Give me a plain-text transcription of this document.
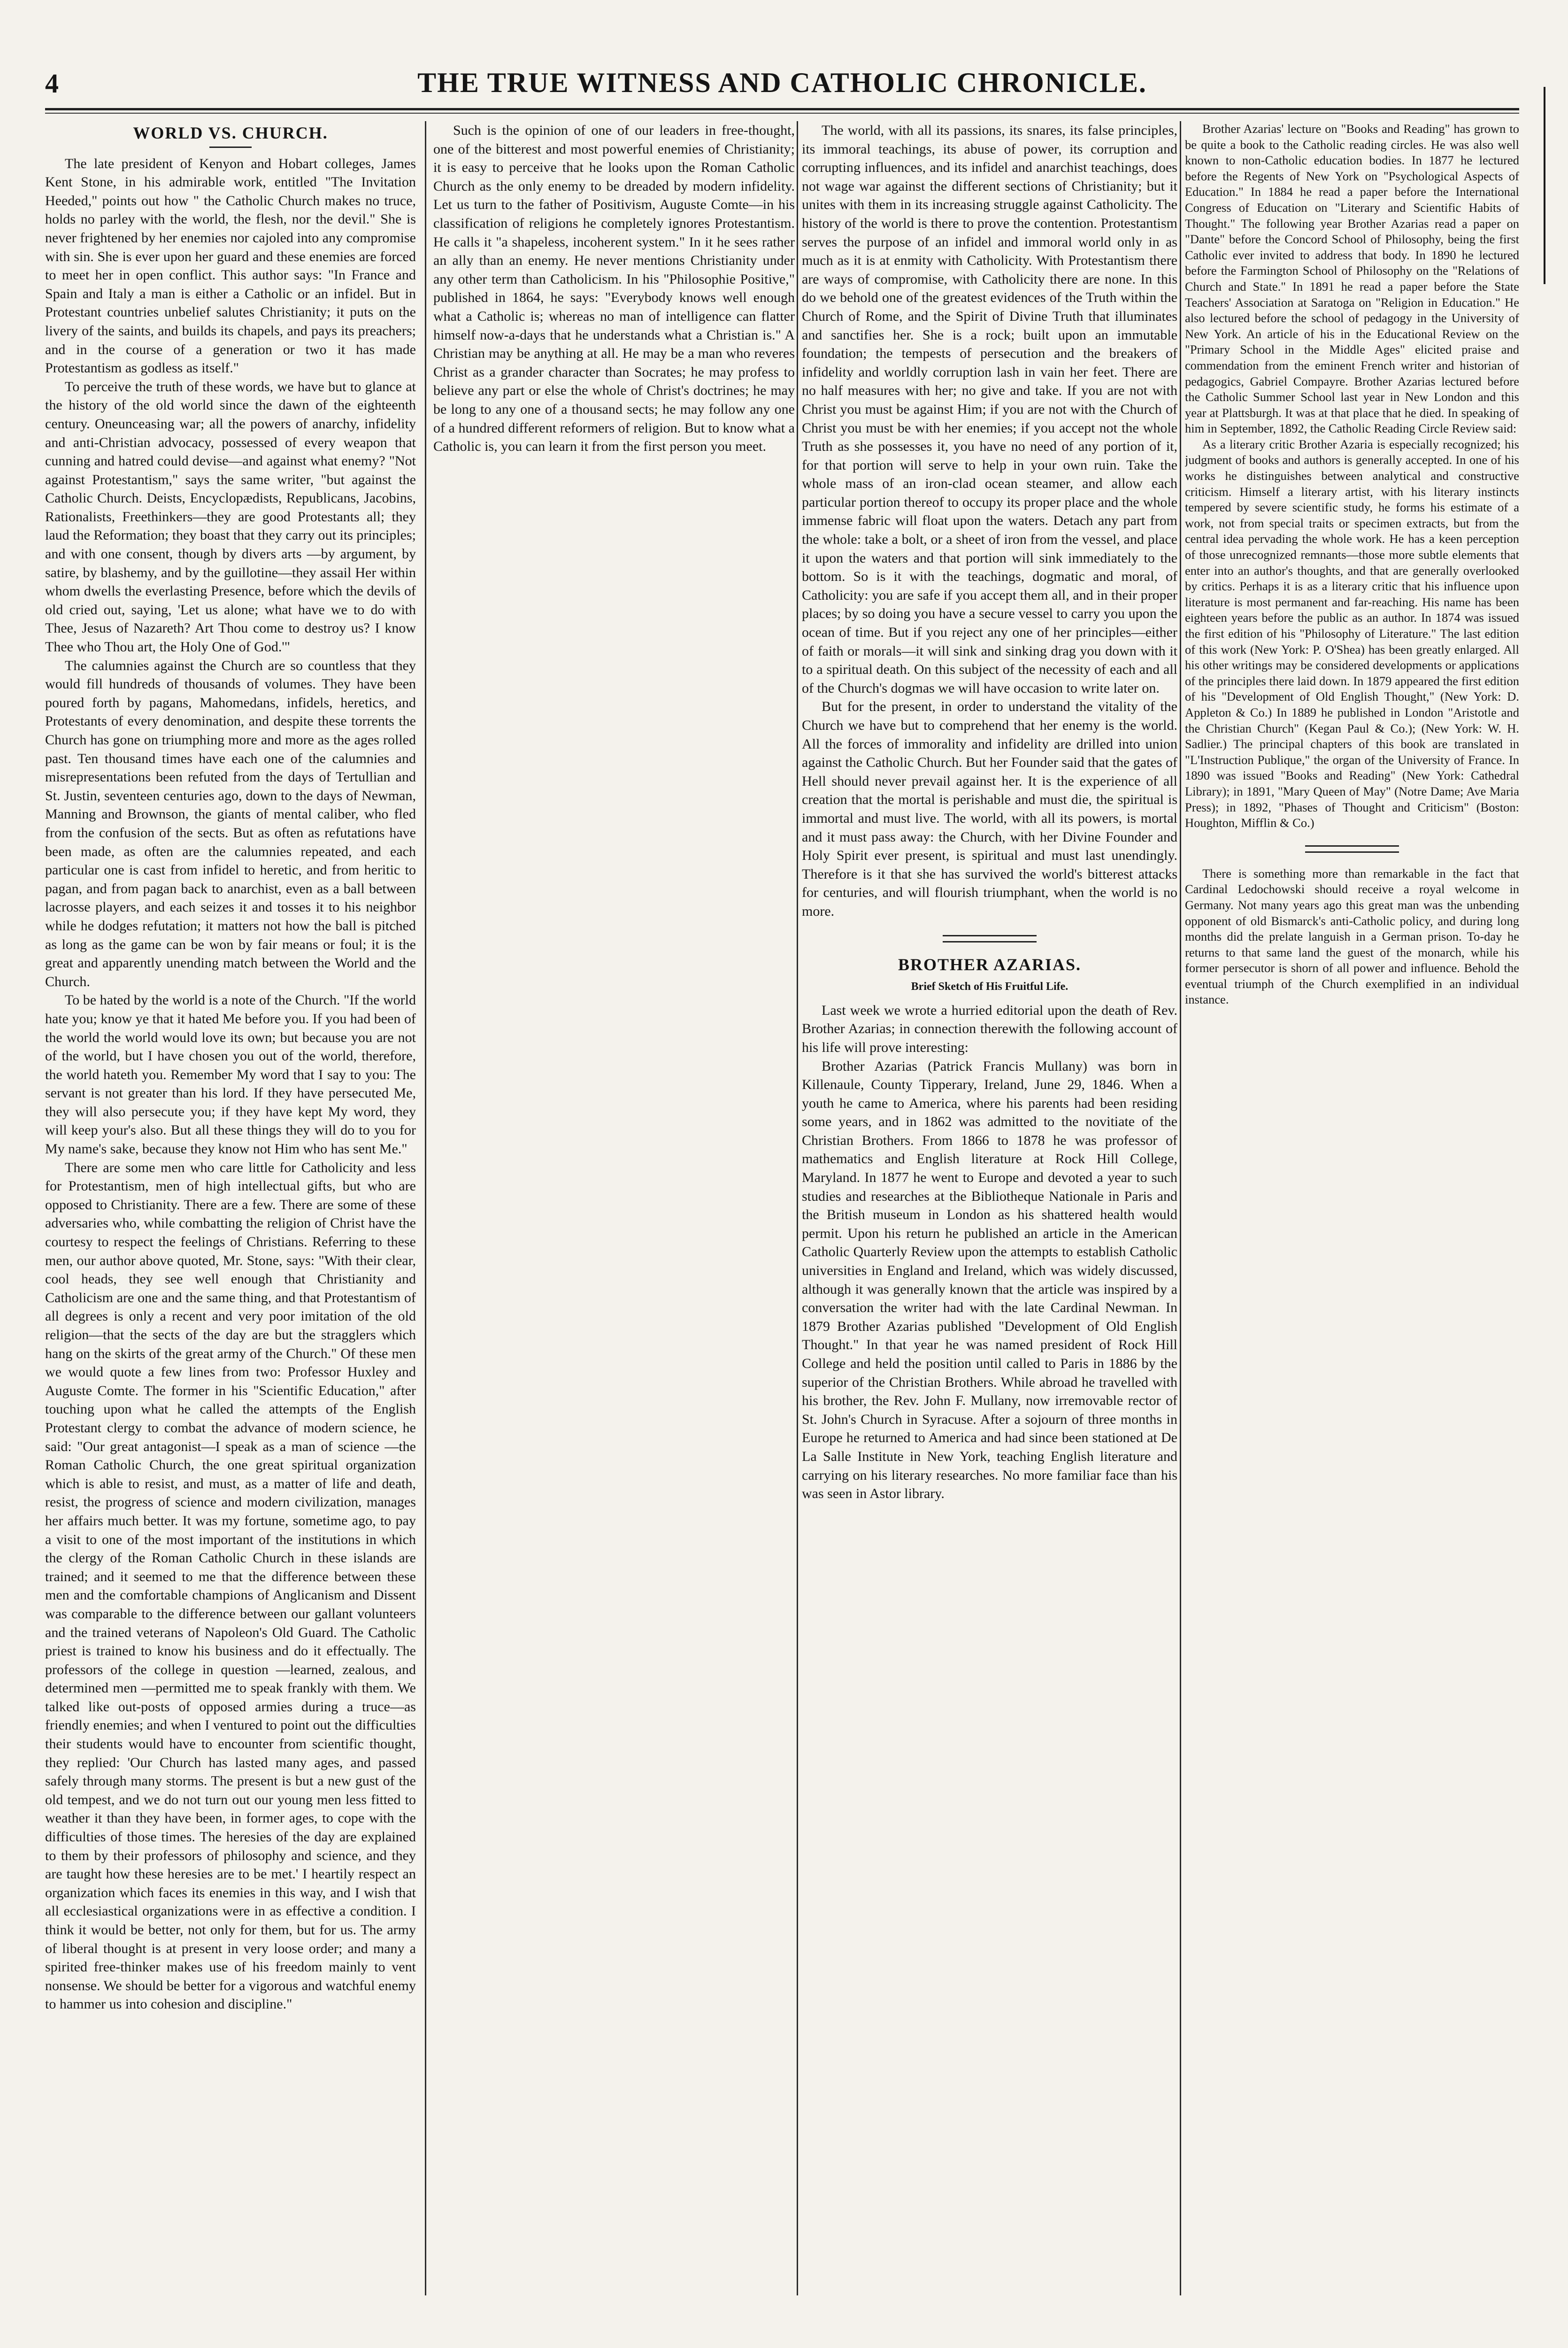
4	THE TRUE WITNESS AND CATHOLIC CHRONICLE.
WORLD VS. CHURCH.

The late president of Kenyon and Hobart colleges, James Kent Stone, in his admirable work, entitled "The Invitation Heeded," points out how " the Catholic Church makes no truce, holds no parley with the world, the flesh, nor the devil." She is never frightened by her enemies nor cajoled into any compromise with sin. She is ever upon her guard and these enemies are forced to meet her in open conflict. This author says: "In France and Spain and Italy a man is either a Catholic or an infidel. But in Protestant countries unbelief salutes Christianity; it puts on the livery of the saints, and builds its chapels, and pays its preachers; and in the course of a generation or two it has made Protestantism as godless as itself."

To perceive the truth of these words, we have but to glance at the history of the old world since the dawn of the eighteenth century. Oneunceasing war; all the powers of anarchy, infidelity and anti-Christian advocacy, possessed of every weapon that cunning and hatred could devise—and against what enemy? "Not against Protestantism," says the same writer, "but against the Catholic Church. Deists, Encyclopædists, Republicans, Jacobins, Rationalists, Freethinkers—they are good Protestants all; they laud the Reformation; they boast that they carry out its principles; and with one consent, though by divers arts —by argument, by satire, by blashemy, and by the guillotine—they assail Her within whom dwells the everlasting Presence, before which the devils of old cried out, saying, 'Let us alone; what have we to do with Thee, Jesus of Nazareth? Art Thou come to destroy us? I know Thee who Thou art, the Holy One of God.'"

The calumnies against the Church are so countless that they would fill hundreds of thousands of volumes. They have been poured forth by pagans, Mahomedans, infidels, heretics, and Protestants of every denomination, and despite these torrents the Church has gone on triumphing more and more as the ages rolled past. Ten thousand times have each one of the calumnies and misrepresentations been refuted from the days of Tertullian and St. Justin, seventeen centuries ago, down to the days of Newman, Manning and Brownson, the giants of mental caliber, who fled from the confusion of the sects. But as often as refutations have been made, as often are the calumnies repeated, and each particular one is cast from infidel to heretic, and from heritic to pagan, and from pagan back to anarchist, even as a ball between lacrosse players, and each seizes it and tosses it to his neighbor while he dodges refutation; it matters not how the ball is pitched as long as the game can be won by fair means or foul; it is the great and apparently unending match between the World and the Church.

To be hated by the world is a note of the Church. "If the world hate you; know ye that it hated Me before you. If you had been of the world the world would love its own; but because you are not of the world, but I have chosen you out of the world, therefore, the world hateth you. Remember My word that I say to you: The servant is not greater than his lord. If they have persecuted Me, they will also persecute you; if they have kept My word, they will keep your's also. But all these things they will do to you for My name's sake, because they know not Him who has sent Me."

There are some men who care little for Catholicity and less for Protestantism, men of high intellectual gifts, but who are opposed to Christianity. There are a few. There are some of these adversaries who, while combatting the religion of Christ have the courtesy to respect the feelings of Christians. Referring to these men, our author above quoted, Mr. Stone, says: "With their clear, cool heads, they see well enough that Christianity and Catholicism are one and the same thing, and that Protestantism of all degrees is only a recent and very poor imitation of the old religion—that the sects of the day are but the stragglers which hang on the skirts of the great army of the Church." Of these men we would quote a few lines from two: Professor Huxley and Auguste Comte. The former in his "Scientific Education," after touching upon what he called the attempts of the English Protestant clergy to combat the advance of modern science, he said: "Our great antagonist—I speak as a man of science —the Roman Catholic Church, the one great spiritual organization which is able to resist, and must, as a matter of life and death, resist, the progress of science and modern civilization, manages her affairs much better. It was my fortune, sometime ago, to pay a visit to one of the most important of the institutions in which the clergy of the Roman Catholic Church in these islands are trained; and it seemed to me that the difference between these men and the comfortable champions of Anglicanism and Dissent was comparable to the difference between our gallant volunteers and the trained veterans of Napoleon's Old Guard. The Catholic priest is trained to know his business and do it effectually. The professors of the college in question —learned, zealous, and determined men —permitted me to speak frankly with them. We talked like out-posts of opposed armies during a truce—as friendly enemies; and when I ventured to point out the difficulties their students would have to encounter from scientific thought, they replied: 'Our Church has lasted many ages, and passed safely through many storms. The present is but a new gust of the old tempest, and we do not turn out our young men less fitted to weather it than they have been, in former ages, to cope with the difficulties of those times. The heresies of the day are explained to them by their professors of philosophy and science, and they are taught how these heresies are to be met.' I heartily respect an organization which faces its enemies in this way, and I wish that all ecclesiastical organizations were in as effective a condition. I think it would be better, not only for them, but for us. The army of liberal thought is at present in very loose order; and many a spirited free-thinker makes use of his freedom mainly to vent nonsense. We should be better for a vigorous and watchful enemy to hammer us into cohesion and discipline."

Such is the opinion of one of our leaders in free-thought, one of the bitterest and most powerful enemies of Christianity; it is easy to perceive that he looks upon the Roman Catholic Church as the only enemy to be dreaded by modern infidelity. Let us turn to the father of Positivism, Auguste Comte—in his classification of religions he completely ignores Protestantism. He calls it "a shapeless, incoherent system." In it he sees rather an ally than an enemy. He never mentions Christianity under any other term than Catholicism. In his "Philosophie Positive," published in 1864, he says: "Everybody knows well enough what a Catholic is; whereas no man of intelligence can flatter himself now-a-days that he understands what a Christian is." A Christian may be anything at all. He may be a man who reveres Christ as a grander character than Socrates; he may profess to believe any part or else the whole of Christ's doctrines; he may be long to any one of a thousand sects; he may follow any one of a hundred different reformers of religion. But to know what a Catholic is, you can learn it from the first person you meet.

The world, with all its passions, its snares, its false principles, its immoral teachings, its abuse of power, its corruption and corrupting influences, and its infidel and anarchist teachings, does not wage war against the different sections of Christianity; but it unites with them in its increasing struggle against Catholicity. The history of the world is there to prove the contention. Protestantism serves the purpose of an infidel and immoral world only in as much as it is at enmity with Catholicity. With Protestantism there are ways of compromise, with Catholicity there are none. In this do we behold one of the greatest evidences of the Truth within the Church of Rome, and the Spirit of Divine Truth that illuminates and sanctifies her. She is a rock; built upon an immutable foundation; the tempests of persecution and the breakers of infidelity and worldly corruption lash in vain her feet. There are no half measures with her; no give and take. If you are not with Christ you must be against Him; if you are not with the Church of Christ you must be with her enemies; if you accept not the whole Truth as she possesses it, you have no need of any portion of it, for that portion will serve to help in your own ruin. Take the whole mass of an iron-clad ocean steamer, and allow each particular portion thereof to occupy its proper place and the whole immense fabric will float upon the waters. Detach any part from the whole: take a bolt, or a sheet of iron from the vessel, and place it upon the waters and that portion will sink immediately to the bottom. So is it with the teachings, dogmatic and moral, of Catholicity: you are safe if you accept them all, and in their proper places; by so doing you have a secure vessel to carry you upon the ocean of time. But if you reject any one of her principles—either of faith or morals—it will sink and sinking drag you down with it to a spiritual death. On this subject of the necessity of each and all of the Church's dogmas we will have occasion to write later on.

But for the present, in order to understand the vitality of the Church we have but to comprehend that her enemy is the world. All the forces of immorality and infidelity are drilled into union against the Catholic Church. But her Founder said that the gates of Hell should never prevail against her. It is the experience of all creation that the mortal is perishable and must die, the spiritual is immortal and must live. The world, with all its powers, is mortal and it must pass away: the Church, with her Divine Founder and Holy Spirit ever present, is spiritual and must last unendingly. Therefore is it that she has survived the world's bitterest attacks for centuries, and will flourish triumphant, when the world is no more.

BROTHER AZARIAS.
Brief Sketch of His Fruitful Life.

Last week we wrote a hurried editorial upon the death of Rev. Brother Azarias; in connection therewith the following account of his life will prove interesting:

Brother Azarias (Patrick Francis Mullany) was born in Killenaule, County Tipperary, Ireland, June 29, 1846. When a youth he came to America, where his parents had been residing some years, and in 1862 was admitted to the novitiate of the Christian Brothers. From 1866 to 1878 he was professor of mathematics and English literature at Rock Hill College, Maryland. In 1877 he went to Europe and devoted a year to such studies and researches at the Bibliotheque Nationale in Paris and the British museum in London as his shattered health would permit. Upon his return he published an article in the American Catholic Quarterly Review upon the attempts to establish Catholic universities in England and Ireland, which was widely discussed, although it was generally known that the article was inspired by a conversation the writer had with the late Cardinal Newman. In 1879 Brother Azarias published "Development of Old English Thought." In that year he was named president of Rock Hill College and held the position until called to Paris in 1886 by the superior of the Christian Brothers. While abroad he travelled with his brother, the Rev. John F. Mullany, now irremovable rector of St. John's Church in Syracuse. After a sojourn of three months in Europe he returned to America and had since been stationed at De La Salle Institute in New York, teaching English literature and carrying on his literary researches. No more familiar face than his was seen in Astor library.

Brother Azarias' lecture on "Books and Reading" has grown to be quite a book to the Catholic reading circles. He was also well known to non-Catholic education bodies. In 1877 he lectured before the Regents of New York on "Psychological Aspects of Education." In 1884 he read a paper before the International Congress of Education on "Literary and Scientific Habits of Thought." The following year Brother Azarias read a paper on "Dante" before the Concord School of Philosophy, being the first Catholic ever invited to address that body. In 1890 he lectured before the Farmington School of Philosophy on the "Relations of Church and State." In 1891 he read a paper before the State Teachers' Association at Saratoga on "Religion in Education." He also lectured before the school of pedagogy in the University of New York. An article of his in the Educational Review on the "Primary School in the Middle Ages" elicited praise and commendation from the eminent French writer and historian of pedagogics, Gabriel Compayre. Brother Azarias lectured before the Catholic Summer School last year in New London and this year at Plattsburgh. It was at that place that he died. In speaking of him in September, 1892, the Catholic Reading Circle Review said:

As a literary critic Brother Azaria is especially recognized; his judgment of books and authors is generally accepted. In one of his works he distinguishes between analytical and constructive criticism. Himself a literary artist, with his literary instincts tempered by severe scientific study, he forms his estimate of a work, not from special traits or specimen extracts, but from the central idea pervading the whole work. He has a keen perception of those unrecognized remnants—those more subtle elements that enter into an author's thoughts, and that are generally overlooked by critics. Perhaps it is as a literary critic that his influence upon literature is most permanent and far-reaching. His name has been eighteen years before the public as an author. In 1874 was issued the first edition of his "Philosophy of Literature." The last edition of this work (New York: P. O'Shea) has been greatly enlarged. All his other writings may be considered developments or applications of the principles there laid down. In 1879 appeared the first edition of his "Development of Old English Thought," (New York: D. Appleton & Co.) In 1889 he published in London "Aristotle and the Christian Church" (Kegan Paul & Co.); (New York: W. H. Sadlier.) The principal chapters of this book are translated in "L'Instruction Publique," the organ of the University of France. In 1890 was issued "Books and Reading" (New York: Cathedral Library); in 1891, "Mary Queen of May" (Notre Dame; Ave Maria Press); in 1892, "Phases of Thought and Criticism" (Boston: Houghton, Mifflin & Co.)

There is something more than remarkable in the fact that Cardinal Ledochowski should receive a royal welcome in Germany. Not many years ago this great man was the unbending opponent of old Bismarck's anti-Catholic policy, and during long months did the prelate languish in a German prison. To-day he returns to that same land the guest of the monarch, while his former persecutor is shorn of all power and influence. Behold the eventual triumph of the Church exemplified in an individual instance.
